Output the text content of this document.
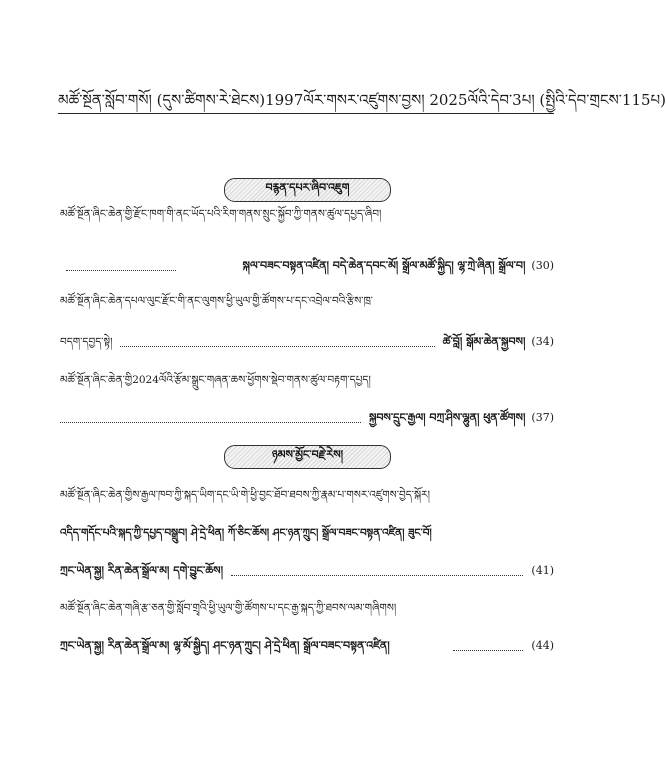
མཚོ་སྔོན་སློབ་གསོ། (དུས་ཚིགས་རེ་ཐེངས)1997ལོར་གསར་འཛུགས་བྱས། 2025ལོའི་དེབ་3པ། (སྤྱིའི་དེབ་གྲངས་115པ)
བརྙན་དཔར་ཞིབ་འཇུག
མཚོ་སྔོན་ཞིང་ཆེན་གྱི་རྫོང་ཁག་གི་ནང་ཡོད་པའི་རིག་གནས་སྲུང་སྐྱོབ་ཀྱི་གནས་ཚུལ་དཔྱད་ཞིབ།
སྐལ་བཟང་བསྟན་འཛིན། བདེ་ཆེན་དབང་མོ། སྒྲོལ་མཚོ་སྐྱིད། ལྷ་ཀྲེ་ཞིན། སྒྲོལ་བ། (30)
མཚོ་སྔོན་ཞིང་ཆེན་དཔལ་ལུང་རྫོང་གི་ནང་ལུགས་ཕྱི་ཡུལ་གྱི་ཚོགས་པ་དང་འབྲེལ་བའི་རྩིས་ཁྲ་
བདག་དབྱད་སྟེ།	ཚེ་བློ། སྒོམ་ཆེན་སྐྱབས། (34)
མཚོ་སྔོན་ཞིང་ཆེན་གྱི2024ལོའི་རྩོམ་སྒྲུང་གཞན་ཆས་ཕྱོགས་སྡེབ་གནས་ཚུལ་བརྟག་དཔྱད།
སྐྱབས་དྲུང་རྒྱལ། བཀྲ་ཤིས་ལྷུན། ཕུན་ཚོགས། (37)
ཉམས་མྱོང་བརྗེ་རེས།
མཚོ་སྔོན་ཞིང་ཆེན་གྱིས་རྒྱལ་ཁབ་ཀྱི་སྐད་ཡིག་དང་ཡི་གེ་ཕྱི་བྱང་ཐོབ་ཐབས་ཀྱི་རྣམ་པ་གསར་འཛུགས་བྱེད་སྐོར།
འདིད་གདོང་པའི་སྐད་ཀྱི་དཔྱད་བསྒྲུབ། ཤེ་དྲེ་ཕིན། ཀོ་ཅིང་ཆོས། ཤང་ཉན་ཀྲུང། སྒྲོལ་བཟང་བསྟན་འཛིན། ཟུང་བོ།
ཀྲང་ཡེན་སྐྱ། རིན་ཆེན་སྒྲོལ་མ། དགེ་བྱུང་ཆོས།	(41)
མཚོ་སྔོན་ཞིང་ཆེན་གཞི་རྩ་ཅན་གྱི་སློབ་གྲྭའི་ཕྱི་ཡུལ་གྱི་ཚོགས་པ་དང་རྒྱ་སྐད་ཀྱི་ཐབས་ལམ་གཞིགས།
ཀྲང་ཡེན་སྐྱ། རིན་ཆེན་སྒྲོལ་མ། ལྷ་མོ་སྐྱིད། ཤང་ཉན་ཀྲུང། ཤེ་དྲེ་ཕིན། སྒྲོལ་བཟང་བསྟན་འཛིན།	(44)
